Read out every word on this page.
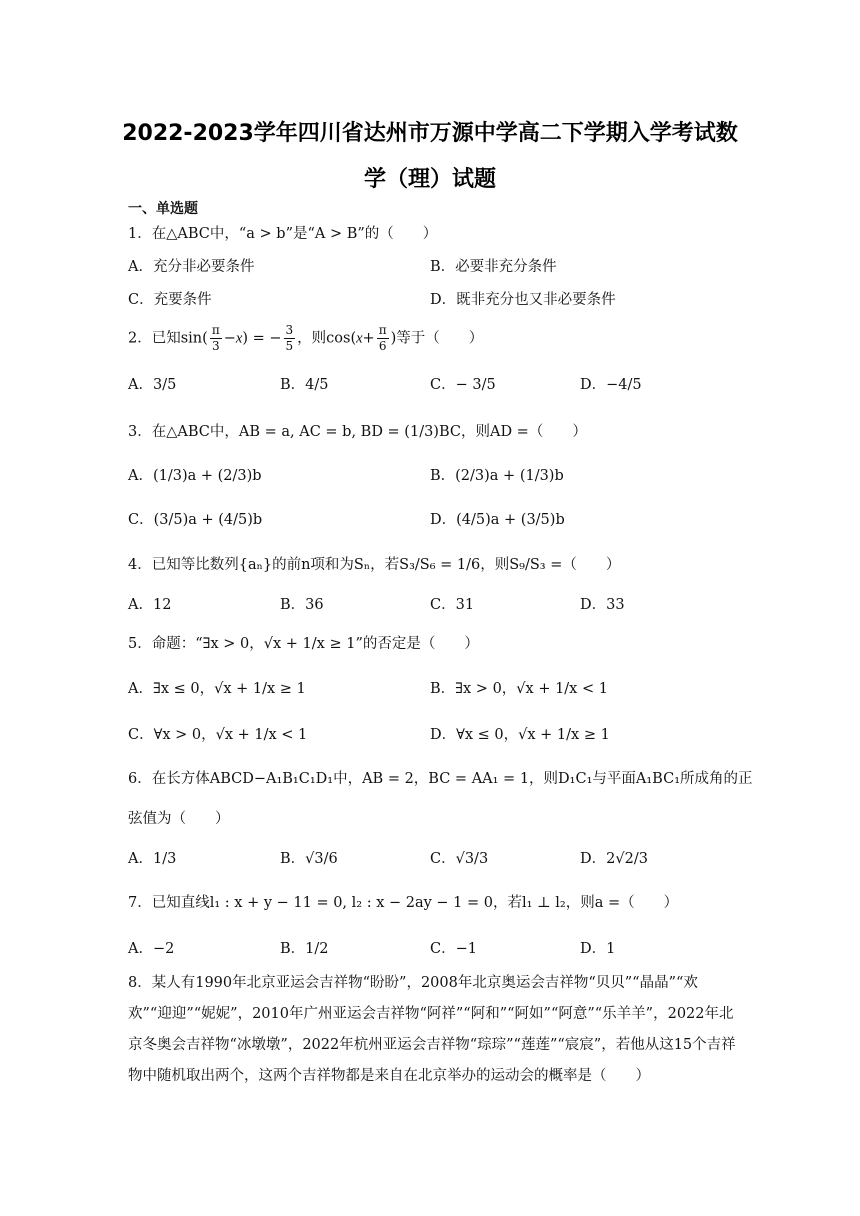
2022-2023学年四川省达州市万源中学高二下学期入学考试数
学（理）试题
一、单选题
1．在△ABC中，“a > b”是“A > B”的（　　）
A．充分非必要条件	B．必要非充分条件
C．充要条件	D．既非充分也又非必要条件
2．已知$\sin( \frac{\pi}{3} -x)$ = − $\frac{3}{5}$ ，则$\cos(x+ \frac{\pi}{6}$ )等于（　　）
A．3/5	B．4/5	C．− 3/5	D．−4/5
3．在△ABC中，AB = a, AC = b, BD = (1/3)BC，则AD =（　　）
A．(1/3)a + (2/3)b	B．(2/3)a + (1/3)b
C．(3/5)a + (4/5)b	D．(4/5)a + (3/5)b
4．已知等比数列{aₙ}的前n项和为Sₙ，若S₃/S₆ = 1/6，则S₉/S₃ =（　　）
A．12	B．36	C．31	D．33
5．命题：“∃x > 0，√x + 1/x ≥ 1”的否定是（　　）
A．∃x ≤ 0，√x + 1/x ≥ 1	B．∃x > 0，√x + 1/x < 1
C．∀x > 0，√x + 1/x < 1	D．∀x ≤ 0，√x + 1/x ≥ 1
6．在长方体ABCD−A₁B₁C₁D₁中，AB = 2，BC = AA₁ = 1，则D₁C₁与平面A₁BC₁所成角的正
弦值为（　　）
A．1/3	B．√3/6	C．√3/3	D．2√2/3
7．已知直线l₁ : x + y − 11 = 0, l₂ : x − 2ay − 1 = 0，若l₁ ⊥ l₂，则a =（　　）
A．−2	B．1/2	C．−1	D．1
8．某人有1990年北京亚运会吉祥物“盼盼”，2008年北京奥运会吉祥物“贝贝”“晶晶”“欢欢”“迎迎”“妮妮”，2010年广州亚运会吉祥物“阿祥”“阿和”“阿如”“阿意”“乐羊羊”，2022年北京冬奥会吉祥物“冰墩墩”，2022年杭州亚运会吉祥物“琮琮”“莲莲”“宸宸”，若他从这15个吉祥物中随机取出两个，这两个吉祥物都是来自在北京举办的运动会的概率是（　　）
